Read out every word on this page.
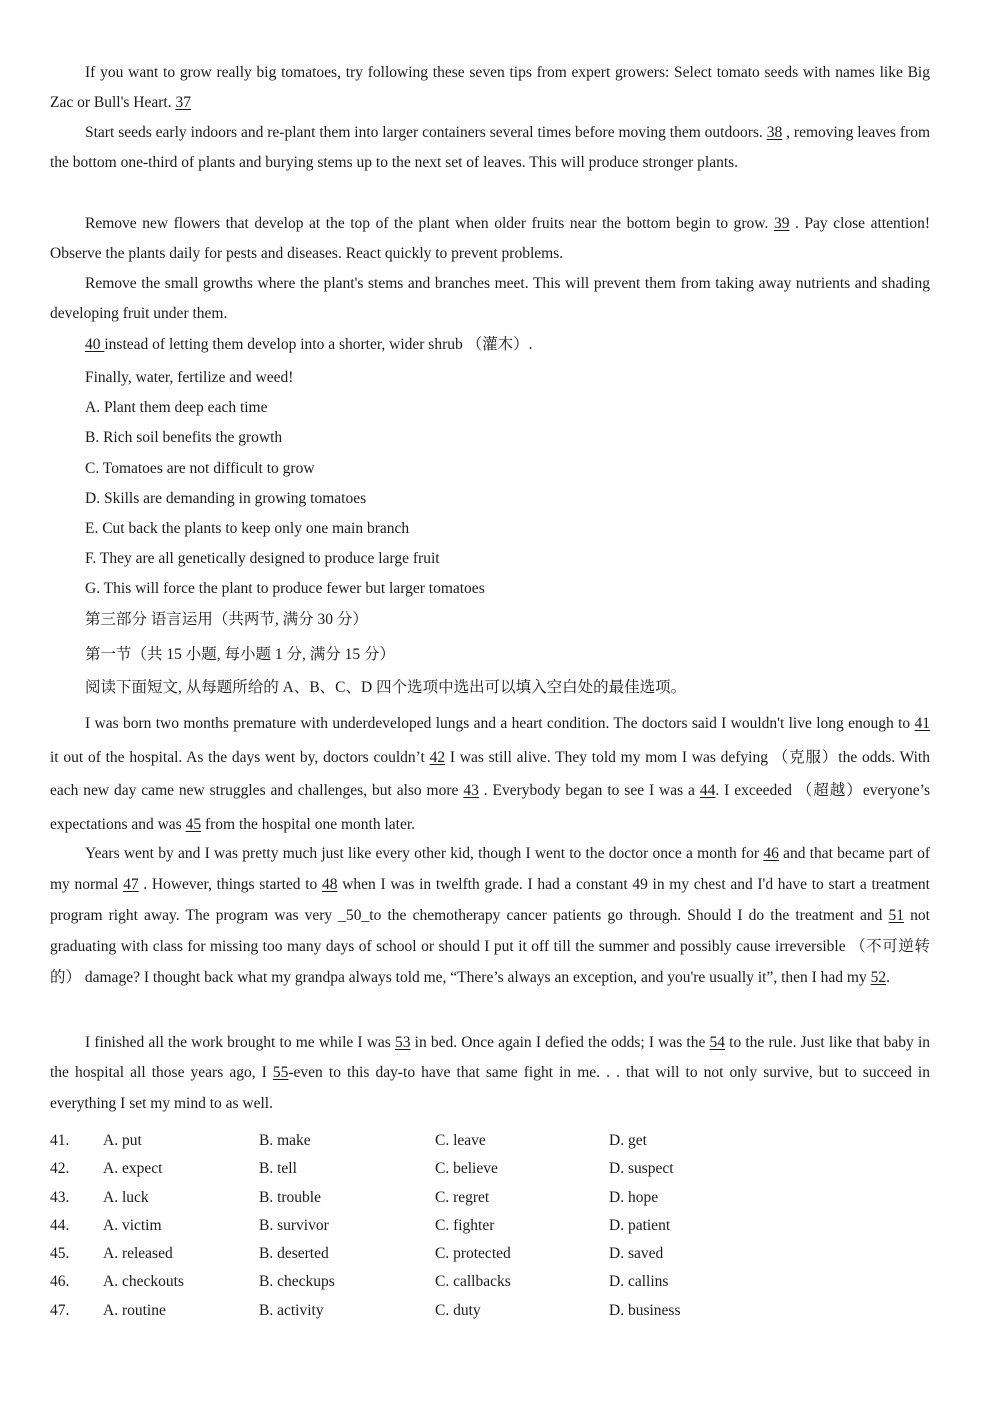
If you want to grow really big tomatoes, try following these seven tips from expert growers: Select tomato seeds with names like Big Zac or Bull's Heart. 37

Start seeds early indoors and re-plant them into larger containers several times before moving them outdoors. 38 , removing leaves from the bottom one-third of plants and burying stems up to the next set of leaves. This will produce stronger plants.

Remove new flowers that develop at the top of the plant when older fruits near the bottom begin to grow. 39 . Pay close attention! Observe the plants daily for pests and diseases. React quickly to prevent problems.

Remove the small growths where the plant's stems and branches meet. This will prevent them from taking away nutrients and shading developing fruit under them.

40 instead of letting them develop into a shorter, wider shrub （灌木）.

Finally, water, fertilize and weed!

A. Plant them deep each time

B. Rich soil benefits the growth

C. Tomatoes are not difficult to grow

D. Skills are demanding in growing tomatoes

E. Cut back the plants to keep only one main branch

F. They are all genetically designed to produce large fruit

G. This will force the plant to produce fewer but larger tomatoes

第三部分 语言运用（共两节, 满分 30 分）

第一节（共 15 小题, 每小题 1 分, 满分 15 分）

阅读下面短文, 从每题所给的 A、B、C、D 四个选项中选出可以填入空白处的最佳选项。

I was born two months premature with underdeveloped lungs and a heart condition. The doctors said I wouldn't live long enough to 41 it out of the hospital. As the days went by, doctors couldn’t 42 I was still alive. They told my mom I was defying （克服）the odds. With each new day came new struggles and challenges, but also more 43 . Everybody began to see I was a 44. I exceeded （超越）everyone’s expectations and was 45 from the hospital one month later.

Years went by and I was pretty much just like every other kid, though I went to the doctor once a month for 46 and that became part of my normal 47 . However, things started to 48 when I was in twelfth grade. I had a constant 49 in my chest and I'd have to start a treatment program right away. The program was very _50_to the chemotherapy cancer patients go through. Should I do the treatment and 51 not graduating with class for missing too many days of school or should I put it off till the summer and possibly cause irreversible （不可逆转的） damage? I thought back what my grandpa always told me, “There’s always an exception, and you're usually it”, then I had my 52.

I finished all the work brought to me while I was 53 in bed. Once again I defied the odds; I was the 54 to the rule. Just like that baby in the hospital all those years ago, I 55-even to this day-to have that same fight in me. . . that will to not only survive, but to succeed in everything I set my mind to as well.

41. A. put	B. make	C. leave	D. get
42. A. expect	B. tell	C. believe	D. suspect
43. A. luck	B. trouble	C. regret	D. hope
44. A. victim	B. survivor	C. fighter	D. patient
45. A. released	B. deserted	C. protected	D. saved
46. A. checkouts	B. checkups	C. callbacks	D. callins
47. A. routine	B. activity	C. duty	D. business
